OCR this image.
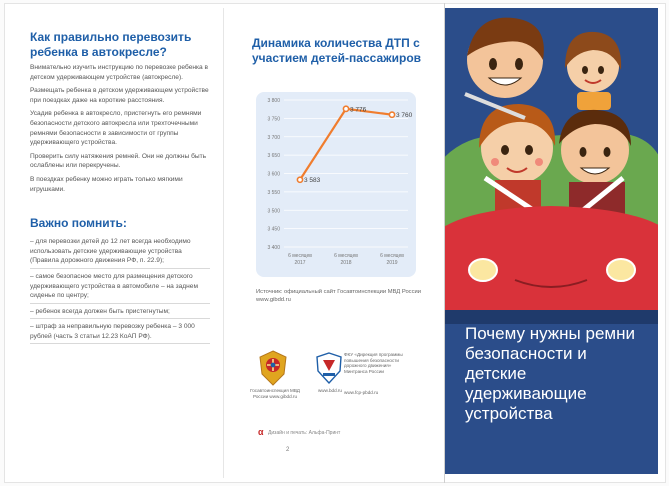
Как правильно перевозить ребенка в автокресле?

Внимательно изучить инструкцию по перевозке ребенка в детском удерживающем устройстве (автокресле).

Размещать ребенка в детском удерживающем устройстве при поездках даже на короткие расстояния.

Усадив ребенка в автокресло, пристегнуть его ремнями безопасности детского автокресла или трехточечными ремнями безопасности в зависимости от группы удерживающего устройства.

Проверить силу натяжения ремней. Они не должны быть ослаблены или перекручены.

В поездках ребенку можно играть только мягкими игрушками.

Важно помнить:
– для перевозки детей до 12 лет всегда необходимо использовать детские удерживающие устройства (Правила дорожного движения РФ, п. 22.9);
– самое безопасное место для размещения детского удерживающего устройства в автомобиле – на заднем сиденье по центру;
– ребенок всегда должен быть пристегнутым;
– штраф за неправильную перевозку ребенка – 3 000 рублей (часть 3 статьи 12.23 КоАП РФ).
Динамика количества ДТП с участием детей-пассажиров
3 400
3 450
3 500
3 550
3 600
3 650
3 700
3 750
3 800
3 583
6 месяцев
2017
3 776
6 месяцев
2018
3 760
6 месяцев
2019
Источник: официальный сайт Госавтоинспекции МВД России www.gibdd.ru
Госавтоинспекция МВД России www.gibdd.ru
www.bdd.ru
ФКУ «Дирекция программы повышения безопасности дорожного движения» Минтранса России
www.fcp-pbdd.ru
α Дизайн и печать: Альфа-Принт
2
Почему нужны ремни безопасности и детские удерживающие устройства
